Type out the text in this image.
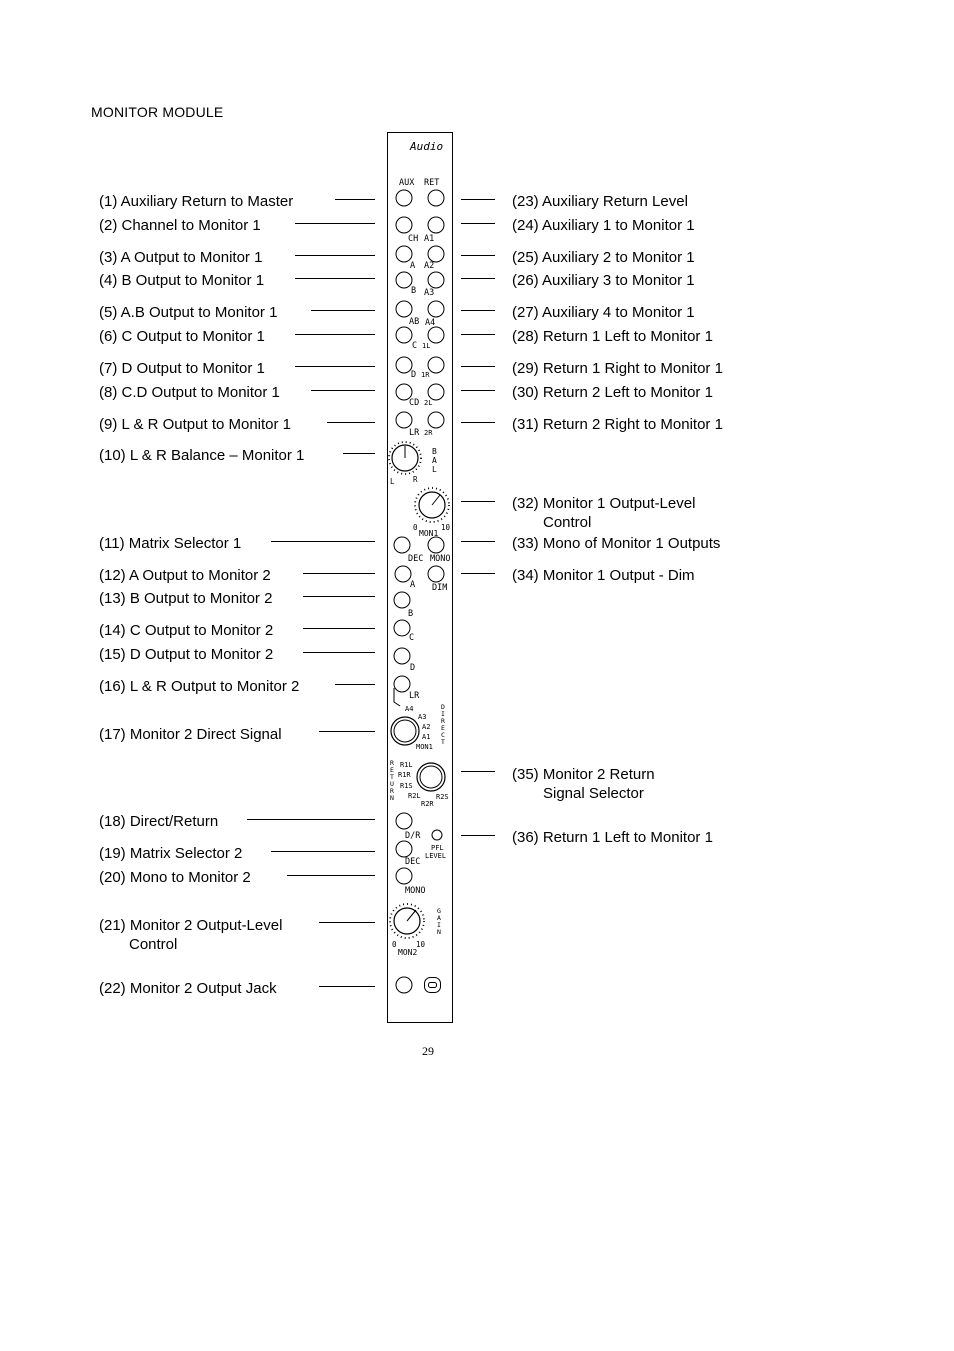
MONITOR MODULE
(1) Auxiliary Return to Master
(2) Channel to Monitor 1
(3) A Output to Monitor 1
(4) B Output to Monitor 1
(5) A.B Output to Monitor 1
(6) C Output to Monitor 1
(7) D Output to Monitor 1
(8) C.D Output to Monitor 1
(9) L & R Output to Monitor 1
(10) L & R Balance – Monitor 1
(11) Matrix Selector 1
(12) A Output to Monitor 2
(13) B Output to Monitor 2
(14) C Output to Monitor 2
(15) D Output to Monitor 2
(16) L & R Output to Monitor 2
(17) Monitor 2 Direct Signal
(18) Direct/Return
(19) Matrix Selector 2
(20) Mono to Monitor 2
(21) Monitor 2 Output-Level
Control
(22) Monitor 2 Output Jack
(23) Auxiliary Return Level
(24) Auxiliary 1 to Monitor 1
(25) Auxiliary 2 to Monitor 1
(26) Auxiliary 3 to Monitor 1
(27) Auxiliary 4 to Monitor 1
(28) Return 1 Left to Monitor 1
(29) Return 1 Right to Monitor 1
(30) Return 2 Left to Monitor 1
(31) Return 2 Right to Monitor 1
(32) Monitor 1 Output-Level
Control
(33) Mono of Monitor 1 Outputs
(34) Monitor 1 Output - Dim
(35) Monitor 2 Return
Signal Selector
(36) Return 1 Left to Monitor 1
Audio
AUX RET
CH A1
A A2
B A3
AB A4
C 1L
D 1R
CD 2L
LR 2R
B
A
L
L R
0	10
MON1
DEC MONO
A DIM
B
C
D
LR
A4
A3
A2
A1
MON1
D
I
R
E
C
T
R
E
T
U
R
N
R1L
R1R
R1S
R2L R2S
R2R
D/R
PFL
LEVEL
DEC
MONO
G
A
I
N
0	10
MON2
29
